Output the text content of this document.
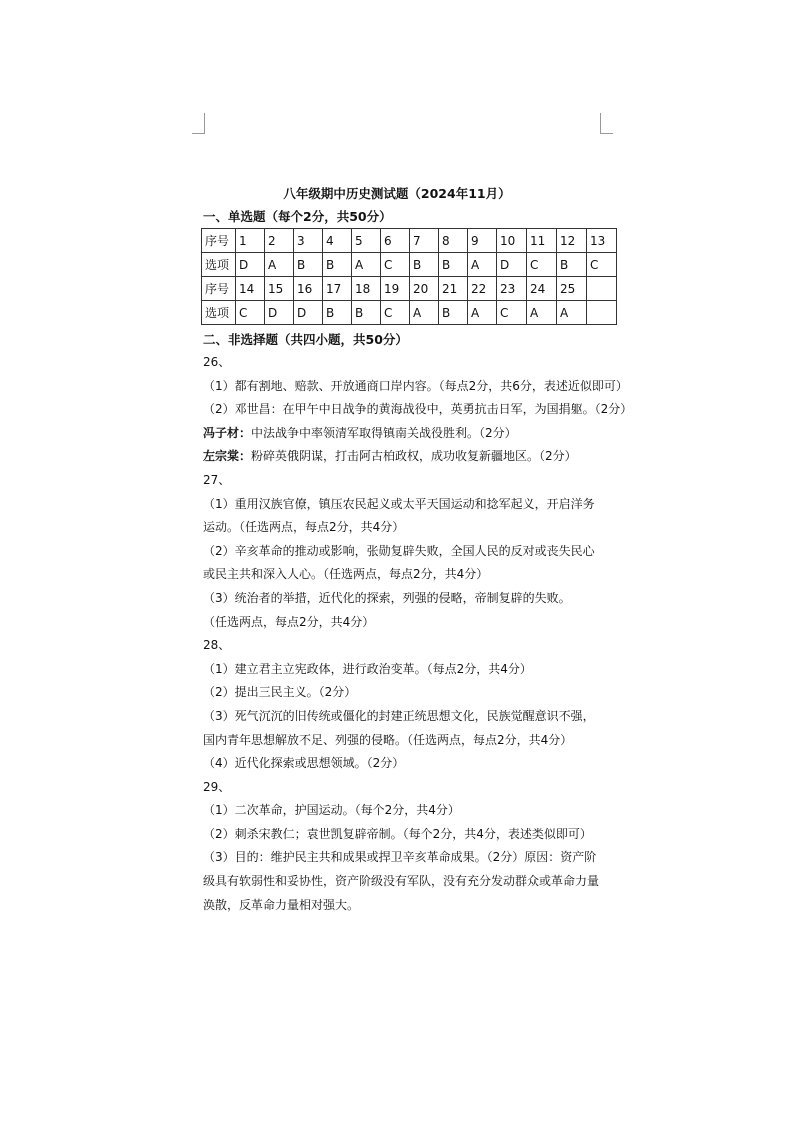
八年级期中历史测试题（2024年11月）
一、单选题（每个2分，共50分）
序号	1	2	3	4	5	6	7	8	9	10	11	12	13
选项	D	A	B	B	A	C	B	B	A	D	C	B	C
序号	14	15	16	17	18	19	20	21	22	23	24	25	
选项	C	D	D	B	B	C	A	B	A	C	A	A	
二、非选择题（共四小题，共50分）
26、
（1）都有割地、赔款、开放通商口岸内容。（每点2分，共6分，表述近似即可）
（2）邓世昌：在甲午中日战争的黄海战役中，英勇抗击日军，为国捐躯。（2分）
冯子材：中法战争中率领清军取得镇南关战役胜利。（2分）
左宗棠：粉碎英俄阴谋，打击阿古柏政权，成功收复新疆地区。（2分）
27、
（1）重用汉族官僚，镇压农民起义或太平天国运动和捻军起义，开启洋务运动。（任选两点，每点2分，共4分）
（2）辛亥革命的推动或影响，张勋复辟失败，全国人民的反对或丧失民心或民主共和深入人心。（任选两点，每点2分，共4分）
（3）统治者的举措，近代化的探索，列强的侵略，帝制复辟的失败。
（任选两点，每点2分，共4分）
28、
（1）建立君主立宪政体，进行政治变革。（每点2分，共4分）
（2）提出三民主义。（2分）
（3）死气沉沉的旧传统或僵化的封建正统思想文化，民族觉醒意识不强，国内青年思想解放不足、列强的侵略。（任选两点，每点2分，共4分）
（4）近代化探索或思想领域。（2分）
29、
（1）二次革命，护国运动。（每个2分，共4分）
（2）刺杀宋教仁；袁世凯复辟帝制。（每个2分，共4分，表述类似即可）
（3）目的：维护民主共和成果或捍卫辛亥革命成果。（2分）原因：资产阶级具有软弱性和妥协性，资产阶级没有军队，没有充分发动群众或革命力量涣散，反革命力量相对强大。
